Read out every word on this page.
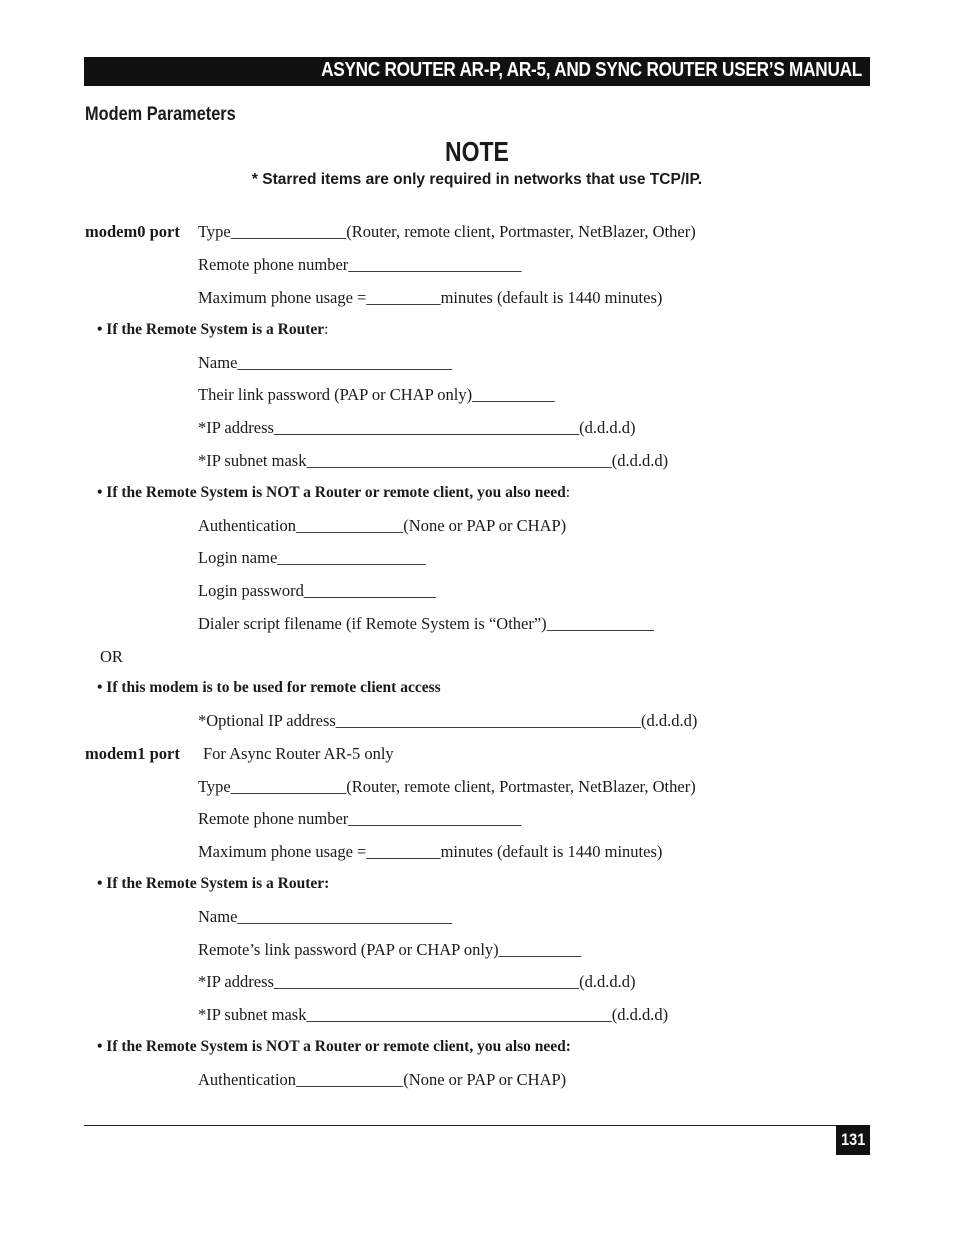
ASYNC ROUTER AR-P, AR-5, AND SYNC ROUTER USER’S MANUAL
Modem Parameters
NOTE
* Starred items are only required in networks that use TCP/IP.
modem0 port Type______________(Router, remote client, Portmaster, NetBlazer, Other)
Remote phone number_____________________
Maximum phone usage =_________minutes (default is 1440 minutes)
• If the Remote System is a Router:
Name__________________________
Their link password (PAP or CHAP only)__________
*IP address_____________________________________(d.d.d.d)
*IP subnet mask_____________________________________(d.d.d.d)
• If the Remote System is NOT a Router or remote client, you also need:
Authentication_____________(None or PAP or CHAP)
Login name__________________
Login password________________
Dialer script filename (if Remote System is “Other”)_____________
OR
• If this modem is to be used for remote client access
*Optional IP address_____________________________________(d.d.d.d)
modem1 port For Async Router AR-5 only
Type______________(Router, remote client, Portmaster, NetBlazer, Other)
Remote phone number_____________________
Maximum phone usage =_________minutes (default is 1440 minutes)
• If the Remote System is a Router:
Name__________________________
Remote’s link password (PAP or CHAP only)__________
*IP address_____________________________________(d.d.d.d)
*IP subnet mask_____________________________________(d.d.d.d)
• If the Remote System is NOT a Router or remote client, you also need:
Authentication_____________(None or PAP or CHAP)
131
